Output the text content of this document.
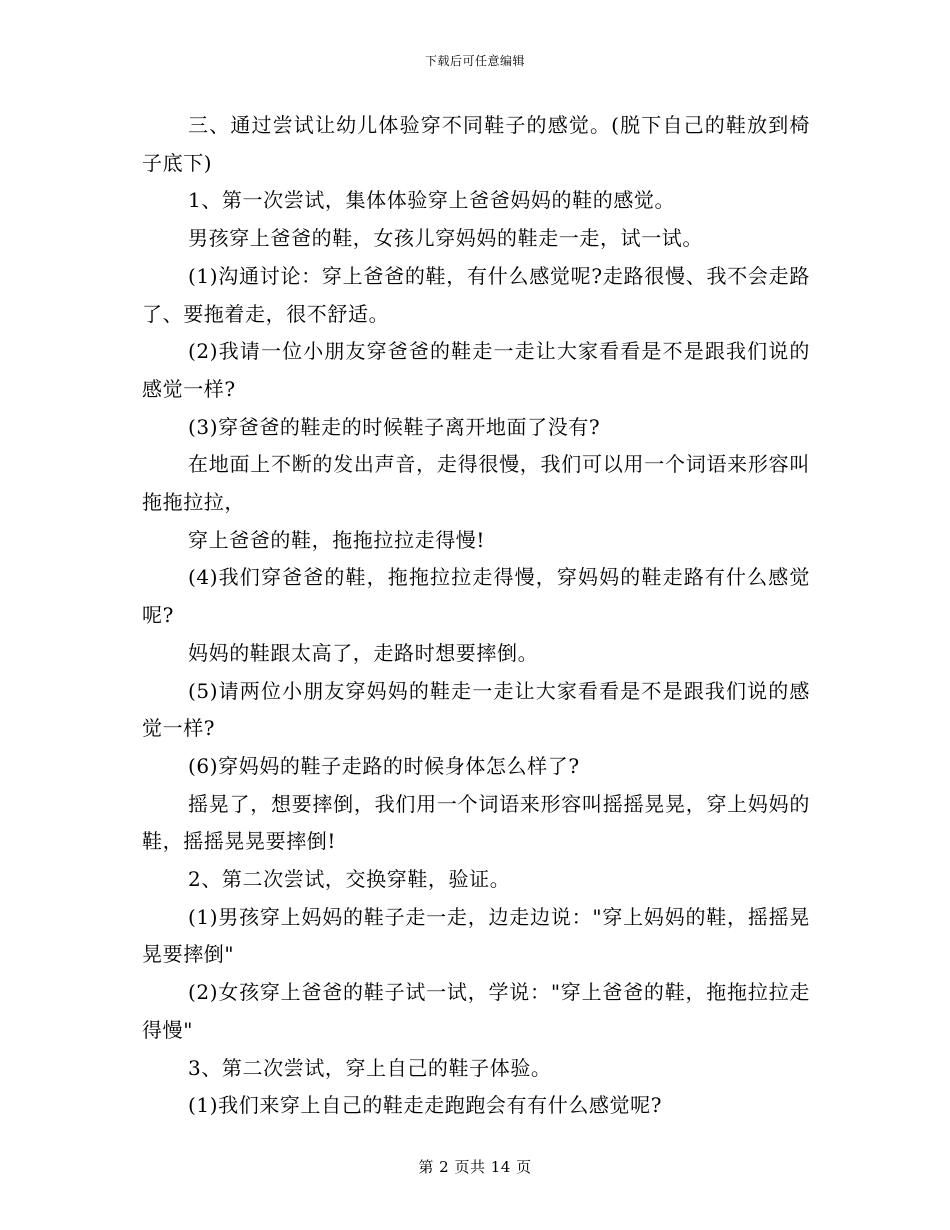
下载后可任意编辑

三、通过尝试让幼儿体验穿不同鞋子的感觉。(脱下自己的鞋放到椅子底下)

1、第一次尝试，集体体验穿上爸爸妈妈的鞋的感觉。

男孩穿上爸爸的鞋，女孩儿穿妈妈的鞋走一走，试一试。

(1)沟通讨论：穿上爸爸的鞋，有什么感觉呢?走路很慢、我不会走路了、要拖着走，很不舒适。

(2)我请一位小朋友穿爸爸的鞋走一走让大家看看是不是跟我们说的感觉一样?

(3)穿爸爸的鞋走的时候鞋子离开地面了没有?

在地面上不断的发出声音，走得很慢，我们可以用一个词语来形容叫拖拖拉拉，

穿上爸爸的鞋，拖拖拉拉走得慢!

(4)我们穿爸爸的鞋，拖拖拉拉走得慢，穿妈妈的鞋走路有什么感觉呢?

妈妈的鞋跟太高了，走路时想要摔倒。

(5)请两位小朋友穿妈妈的鞋走一走让大家看看是不是跟我们说的感觉一样?

(6)穿妈妈的鞋子走路的时候身体怎么样了?

摇晃了，想要摔倒，我们用一个词语来形容叫摇摇晃晃，穿上妈妈的鞋，摇摇晃晃要摔倒!

2、第二次尝试，交换穿鞋，验证。

(1)男孩穿上妈妈的鞋子走一走，边走边说："穿上妈妈的鞋，摇摇晃晃要摔倒"

(2)女孩穿上爸爸的鞋子试一试，学说："穿上爸爸的鞋，拖拖拉拉走得慢"

3、第二次尝试，穿上自己的鞋子体验。

(1)我们来穿上自己的鞋走走跑跑会有有什么感觉呢?

第 2 页共 14 页
